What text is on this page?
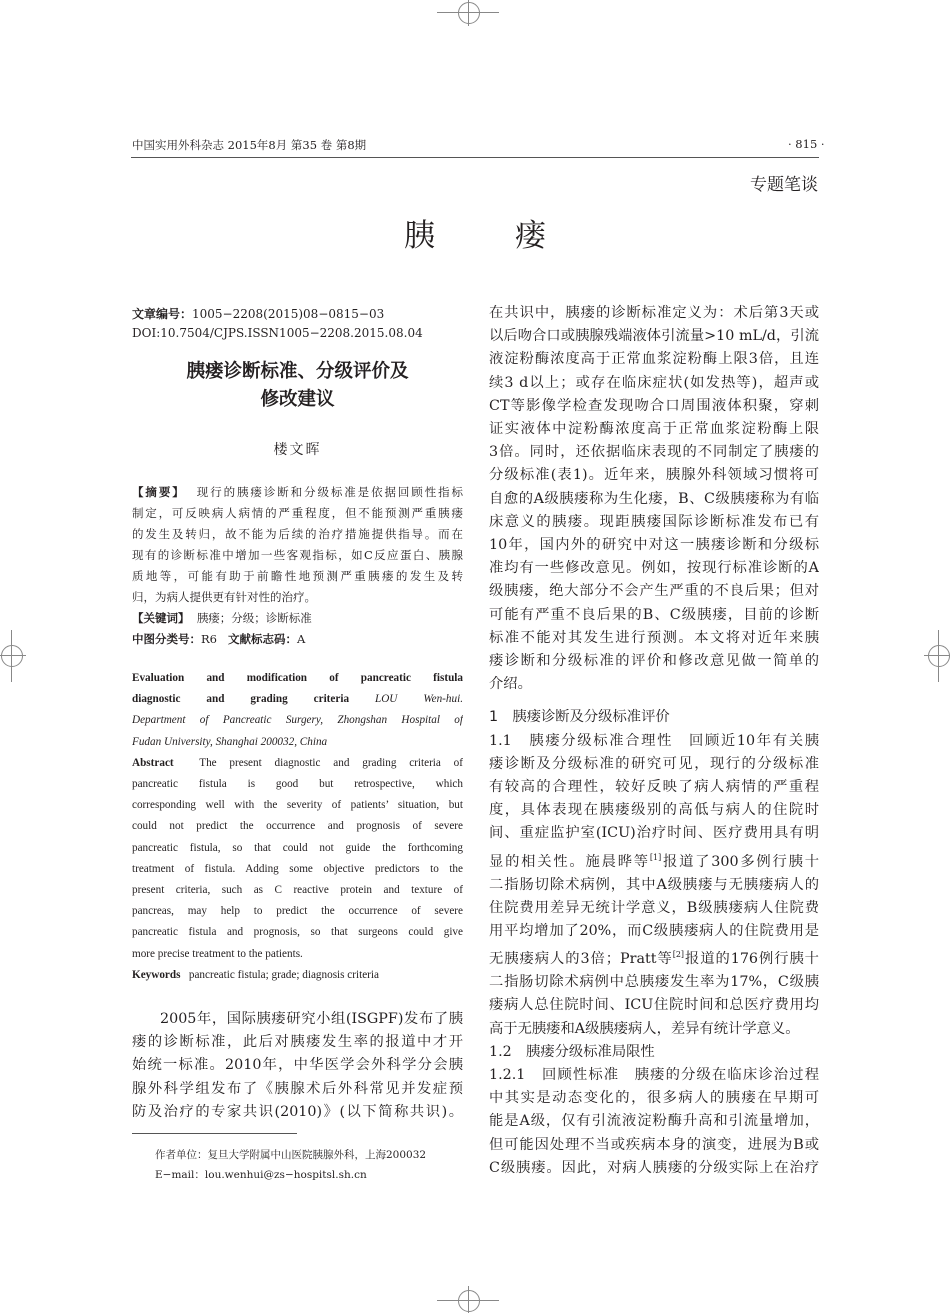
中国实用外科杂志 2015年8月 第35 卷 第8期	· 815 ·
专题笔谈
胰	瘘
文章编号：1005−2208(2015)08−0815−03
DOI:10.7504/CJPS.ISSN1005−2208.2015.08.04
胰瘘诊断标准、分级评价及
修改建议
楼文晖
【摘要】 现行的胰瘘诊断和分级标准是依据回顾性指标
制定，可反映病人病情的严重程度，但不能预测严重胰瘘
的发生及转归，故不能为后续的治疗措施提供指导。而在
现有的诊断标准中增加一些客观指标，如C反应蛋白、胰腺
质地等，可能有助于前瞻性地预测严重胰瘘的发生及转
归，为病人提供更有针对性的治疗。
【关键词】 胰瘘；分级；诊断标准
中图分类号：R6 文献标志码：A
Evaluation and modification of pancreatic fistula
diagnostic and grading criteria LOU Wen-hui.
Department of Pancreatic Surgery, Zhongshan Hospital of
Fudan University, Shanghai 200032, China
Abstract The present diagnostic and grading criteria of
pancreatic fistula is good but retrospective, which
corresponding well with the severity of patients’ situation, but
could not predict the occurrence and prognosis of severe
pancreatic fistula, so that could not guide the forthcoming
treatment of fistula. Adding some objective predictors to the
present criteria, such as C reactive protein and texture of
pancreas, may help to predict the occurrence of severe
pancreatic fistula and prognosis, so that surgeons could give
more precise treatment to the patients.
Keywords pancreatic fistula; grade; diagnosis criteria
2005年，国际胰瘘研究小组(ISGPF)发布了胰
瘘的诊断标准，此后对胰瘘发生率的报道中才开
始统一标准。2010年，中华医学会外科学分会胰
腺外科学组发布了《胰腺术后外科常见并发症预
防及治疗的专家共识(2010)》(以下简称共识)。
作者单位：复旦大学附属中山医院胰腺外科，上海200032
E−mail：lou.wenhui@zs−hospitsl.sh.cn
在共识中，胰瘘的诊断标准定义为：术后第3天或
以后吻合口或胰腺残端液体引流量>10 mL/d，引流
液淀粉酶浓度高于正常血浆淀粉酶上限3倍，且连
续3 d以上；或存在临床症状(如发热等)，超声或
CT等影像学检查发现吻合口周围液体积聚，穿刺
证实液体中淀粉酶浓度高于正常血浆淀粉酶上限
3倍。同时，还依据临床表现的不同制定了胰瘘的
分级标准(表1)。近年来，胰腺外科领域习惯将可
自愈的A级胰瘘称为生化瘘，B、C级胰瘘称为有临
床意义的胰瘘。现距胰瘘国际诊断标准发布已有
10年，国内外的研究中对这一胰瘘诊断和分级标
准均有一些修改意见。例如，按现行标准诊断的A
级胰瘘，绝大部分不会产生严重的不良后果；但对
可能有严重不良后果的B、C级胰瘘，目前的诊断
标准不能对其发生进行预测。本文将对近年来胰
瘘诊断和分级标准的评价和修改意见做一简单的
介绍。
1　胰瘘诊断及分级标准评价
1.1　胰瘘分级标准合理性　回顾近10年有关胰
瘘诊断及分级标准的研究可见，现行的分级标准
有较高的合理性，较好反映了病人病情的严重程
度，具体表现在胰瘘级别的高低与病人的住院时
间、重症监护室(ICU)治疗时间、医疗费用具有明
显的相关性。施晨晔等[1]报道了300多例行胰十
二指肠切除术病例，其中A级胰瘘与无胰瘘病人的
住院费用差异无统计学意义，B级胰瘘病人住院费
用平均增加了20%，而C级胰瘘病人的住院费用是
无胰瘘病人的3倍；Pratt等[2]报道的176例行胰十
二指肠切除术病例中总胰瘘发生率为17%，C级胰
瘘病人总住院时间、ICU住院时间和总医疗费用均
高于无胰瘘和A级胰瘘病人，差异有统计学意义。
1.2　胰瘘分级标准局限性
1.2.1　回顾性标准　胰瘘的分级在临床诊治过程
中其实是动态变化的，很多病人的胰瘘在早期可
能是A级，仅有引流液淀粉酶升高和引流量增加，
但可能因处理不当或疾病本身的演变，进展为B或
C级胰瘘。因此，对病人胰瘘的分级实际上在治疗
